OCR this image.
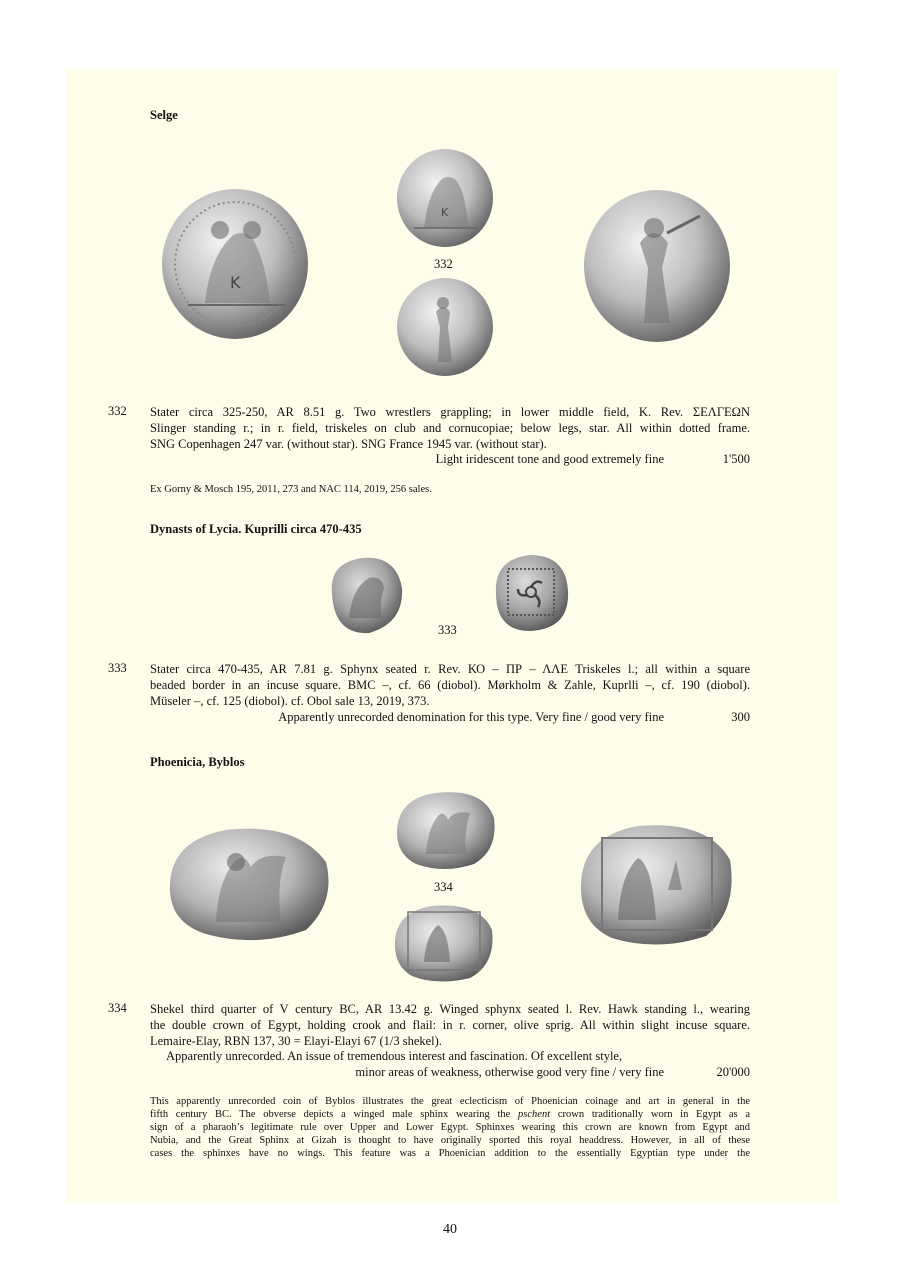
Selge
K
K
332
332 Stater circa 325-250, AR 8.51 g. Two wrestlers grappling; in lower middle field, K. Rev. ΣΕΛΓΕΩΝ
Slinger standing r.; in r. field, triskeles on club and cornucopiae; below legs, star. All within dotted frame.
SNG Copenhagen 247 var. (without star). SNG France 1945 var. (without star).
Light iridescent tone and good extremely fine	1'500
Ex Gorny & Mosch 195, 2011, 273 and NAC 114, 2019, 256 sales.
Dynasts of Lycia. Kuprilli circa 470-435
333
333 Stater circa 470-435, AR 7.81 g. Sphynx seated r. Rev. ΚΟ – ΠΡ – ΛΛΕ Triskeles l.; all within a square
beaded border in an incuse square. BMC –, cf. 66 (diobol). Mørkholm & Zahle, Kuprlli –, cf. 190 (diobol).
Müseler –, cf. 125 (diobol). cf. Obol sale 13, 2019, 373.
Apparently unrecorded denomination for this type. Very fine / good very fine	300
Phoenicia, Byblos
334
334 Shekel third quarter of V century BC, AR 13.42 g. Winged sphynx seated l. Rev. Hawk standing l., wearing
the double crown of Egypt, holding crook and flail: in r. corner, olive sprig. All within slight incuse square.
Lemaire-Elay, RBN 137, 30 = Elayi-Elayi 67 (1/3 shekel).
Apparently unrecorded. An issue of tremendous interest and fascination. Of excellent style,
minor areas of weakness, otherwise good very fine / very fine	20'000
This apparently unrecorded coin of Byblos illustrates the great eclecticism of Phoenician coinage and art in general in the
fifth century BC. The obverse depicts a winged male sphinx wearing the pschent crown traditionally worn in Egypt as a
sign of a pharaoh’s legitimate rule over Upper and Lower Egypt. Sphinxes wearing this crown are known from Egypt and
Nubia, and the Great Sphinx at Gizah is thought to have originally sported this royal headdress. However, in all of these
cases the sphinxes have no wings. This feature was a Phoenician addition to the essentially Egyptian type under the
40
